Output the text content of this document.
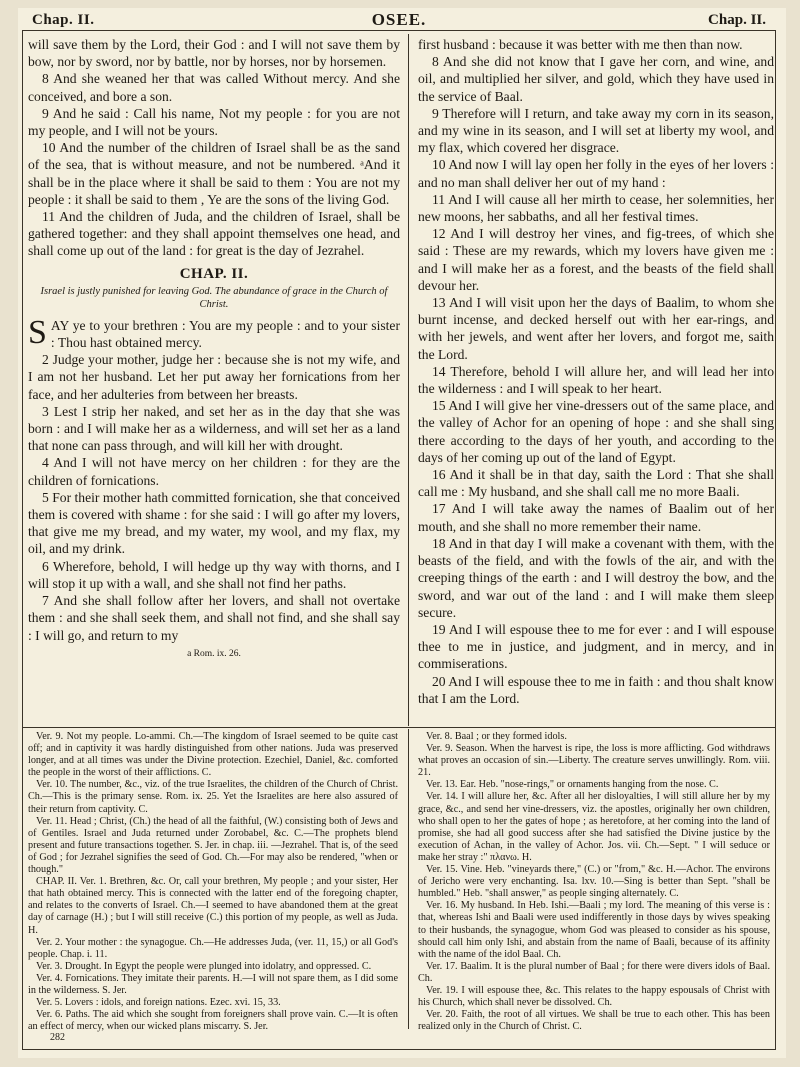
Chap. II.	OSEE.	Chap. II.

will save them by the Lord, their God : and I will not save them by bow, nor by sword, nor by battle, nor by horses, nor by horsemen.

8 And she weaned her that was called Without mercy. And she conceived, and bore a son.

9 And he said : Call his name, Not my people : for you are not my people, and I will not be yours.

10 And the number of the children of Israel shall be as the sand of the sea, that is without measure, and not be numbered. ᵃAnd it shall be in the place where it shall be said to them : You are not my people : it shall be said to them , Ye are the sons of the living God.

11 And the children of Juda, and the children of Israel, shall be gathered together: and they shall appoint themselves one head, and shall come up out of the land : for great is the day of Jezrahel.

CHAP. II.
Israel is justly punished for leaving God. The abundance of grace in the Church of Christ.

SAY ye to your brethren : You are my people : and to your sister : Thou hast obtained mercy.

2 Judge your mother, judge her : because she is not my wife, and I am not her husband. Let her put away her fornications from her face, and her adulteries from between her breasts.

3 Lest I strip her naked, and set her as in the day that she was born : and I will make her as a wilderness, and will set her as a land that none can pass through, and will kill her with drought.

4 And I will not have mercy on her children : for they are the children of fornications.

5 For their mother hath committed fornication, she that conceived them is covered with shame : for she said : I will go after my lovers, that give me my bread, and my water, my wool, and my flax, my oil, and my drink.

6 Wherefore, behold, I will hedge up thy way with thorns, and I will stop it up with a wall, and she shall not find her paths.

7 And she shall follow after her lovers, and shall not overtake them : and she shall seek them, and shall not find, and she shall say : I will go, and return to my

a Rom. ix. 26.

first husband : because it was better with me then than now.

8 And she did not know that I gave her corn, and wine, and oil, and multiplied her silver, and gold, which they have used in the service of Baal.

9 Therefore will I return, and take away my corn in its season, and my wine in its season, and I will set at liberty my wool, and my flax, which covered her disgrace.

10 And now I will lay open her folly in the eyes of her lovers : and no man shall deliver her out of my hand :

11 And I will cause all her mirth to cease, her solemnities, her new moons, her sabbaths, and all her festival times.

12 And I will destroy her vines, and fig-trees, of which she said : These are my rewards, which my lovers have given me : and I will make her as a forest, and the beasts of the field shall devour her.

13 And I will visit upon her the days of Baalim, to whom she burnt incense, and decked herself out with her ear-rings, and with her jewels, and went after her lovers, and forgot me, saith the Lord.

14 Therefore, behold I will allure her, and will lead her into the wilderness : and I will speak to her heart.

15 And I will give her vine-dressers out of the same place, and the valley of Achor for an opening of hope : and she shall sing there according to the days of her youth, and according to the days of her coming up out of the land of Egypt.

16 And it shall be in that day, saith the Lord : That she shall call me : My husband, and she shall call me no more Baali.

17 And I will take away the names of Baalim out of her mouth, and she shall no more remember their name.

18 And in that day I will make a covenant with them, with the beasts of the field, and with the fowls of the air, and with the creeping things of the earth : and I will destroy the bow, and the sword, and war out of the land : and I will make them sleep secure.

19 And I will espouse thee to me for ever : and I will espouse thee to me in justice, and judgment, and in mercy, and in commiserations.

20 And I will espouse thee to me in faith : and thou shalt know that I am the Lord.

Ver. 9. Not my people. Lo-ammi. Ch.—The kingdom of Israel seemed to be quite cast off; and in captivity it was hardly distinguished from other nations. Juda was preserved longer, and at all times was under the Divine protection. Ezechiel, Daniel, &c. comforted the people in the worst of their afflictions. C.

Ver. 10. The number, &c., viz. of the true Israelites, the children of the Church of Christ. Ch.—This is the primary sense. Rom. ix. 25. Yet the Israelites are here also assured of their return from captivity. C.

Ver. 11. Head ; Christ, (Ch.) the head of all the faithful, (W.) consisting both of Jews and of Gentiles. Israel and Juda returned under Zorobabel, &c. C.—The prophets blend present and future transactions together. S. Jer. in chap. iii. —Jezrahel. That is, of the seed of God ; for Jezrahel signifies the seed of God. Ch.—For may also be rendered, "when or though."

CHAP. II. Ver. 1. Brethren, &c. Or, call your brethren, My people ; and your sister, Her that hath obtained mercy. This is connected with the latter end of the foregoing chapter, and relates to the converts of Israel. Ch.—I seemed to have abandoned them at the great day of carnage (H.) ; but I will still receive (C.) this portion of my people, as well as Juda. H.

Ver. 2. Your mother : the synagogue. Ch.—He addresses Juda, (ver. 11, 15,) or all God's people. Chap. i. 11.

Ver. 3. Drought. In Egypt the people were plunged into idolatry, and oppressed. C.

Ver. 4. Fornications. They imitate their parents. H.—I will not spare them, as I did some in the wilderness. S. Jer.

Ver. 5. Lovers : idols, and foreign nations. Ezec. xvi. 15, 33.

Ver. 6. Paths. The aid which she sought from foreigners shall prove vain. C.—It is often an effect of mercy, when our wicked plans miscarry. S. Jer.

Ver. 8. Baal ; or they formed idols.

Ver. 9. Season. When the harvest is ripe, the loss is more afflicting. God withdraws what proves an occasion of sin.—Liberty. The creature serves unwillingly. Rom. viii. 21.

Ver. 13. Ear. Heb. "nose-rings," or ornaments hanging from the nose. C.

Ver. 14. I will allure her, &c. After all her disloyalties, I will still allure her by my grace, &c., and send her vine-dressers, viz. the apostles, originally her own children, who shall open to her the gates of hope ; as heretofore, at her coming into the land of promise, she had all good success after she had satisfied the Divine justice by the execution of Achan, in the valley of Achor. Jos. vii. Ch.—Sept. " I will seduce or make her stray :" πλανω. H.

Ver. 15. Vine. Heb. "vineyards there," (C.) or "from," &c. H.—Achor. The environs of Jericho were very enchanting. Isa. lxv. 10.—Sing is better than Sept. "shall be humbled." Heb. "shall answer," as people singing alternately. C.

Ver. 16. My husband. In Heb. Ishi.—Baali ; my lord. The meaning of this verse is : that, whereas Ishi and Baali were used indifferently in those days by wives speaking to their husbands, the synagogue, whom God was pleased to consider as his spouse, should call him only Ishi, and abstain from the name of Baali, because of its affinity with the name of the idol Baal. Ch.

Ver. 17. Baalim. It is the plural number of Baal ; for there were divers idols of Baal. Ch.

Ver. 19. I will espouse thee, &c. This relates to the happy espousals of Christ with his Church, which shall never be dissolved. Ch.

Ver. 20. Faith, the root of all virtues. We shall be true to each other. This has been realized only in the Church of Christ. C.

282
